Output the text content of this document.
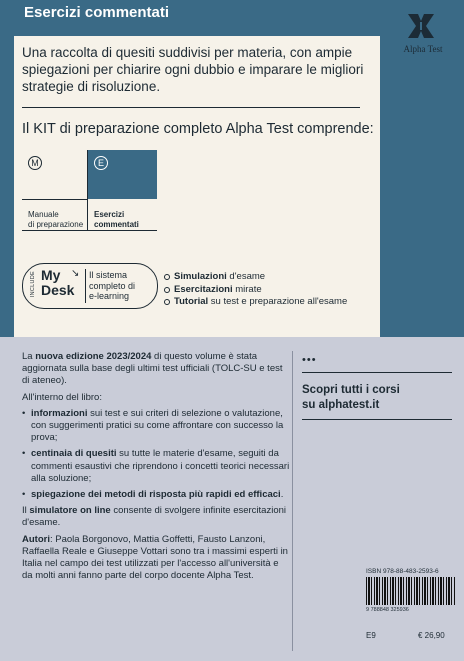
Esercizi commentati
Alpha Test
Una raccolta di quesiti suddivisi per materia, con ampie spiegazioni per chiarire ogni dubbio e imparare le migliori strategie di risoluzione.
Il KIT di preparazione completo Alpha Test comprende:
M
Manuale
di preparazione
E
Esercizi
commentati
INCLUDE My
Desk
↘ Il sistema
completo di
e-learning
Simulazioni d'esame
Esercitazioni mirate
Tutorial su test e preparazione all'esame

La nuova edizione 2023/2024 di questo volume è stata aggiornata sulla base degli ultimi test ufficiali (TOLC-SU e test di ateneo).

All'interno del libro:

• informazioni sui test e sui criteri di selezione o valutazione, con suggerimenti pratici su come affrontare con successo la prova;
• centinaia di quesiti su tutte le materie d'esame, seguiti da commenti esaustivi che riprendono i concetti teorici necessari alla soluzione;
• spiegazione dei metodi di risposta più rapidi ed efficaci.

Il simulatore on line consente di svolgere infinite esercitazioni d'esame.

Autori: Paola Borgonovo, Mattia Goffetti, Fausto Lanzoni, Raffaella Reale e Giuseppe Vottari sono tra i massimi esperti in Italia nel campo dei test utilizzati per l'accesso all'università e da molti anni fanno parte del corpo docente Alpha Test.

•••
Scopri tutti i corsi
su alphatest.it
ISBN 978-88-483-2593-6
9 788848 325936
E9	€ 26,90
